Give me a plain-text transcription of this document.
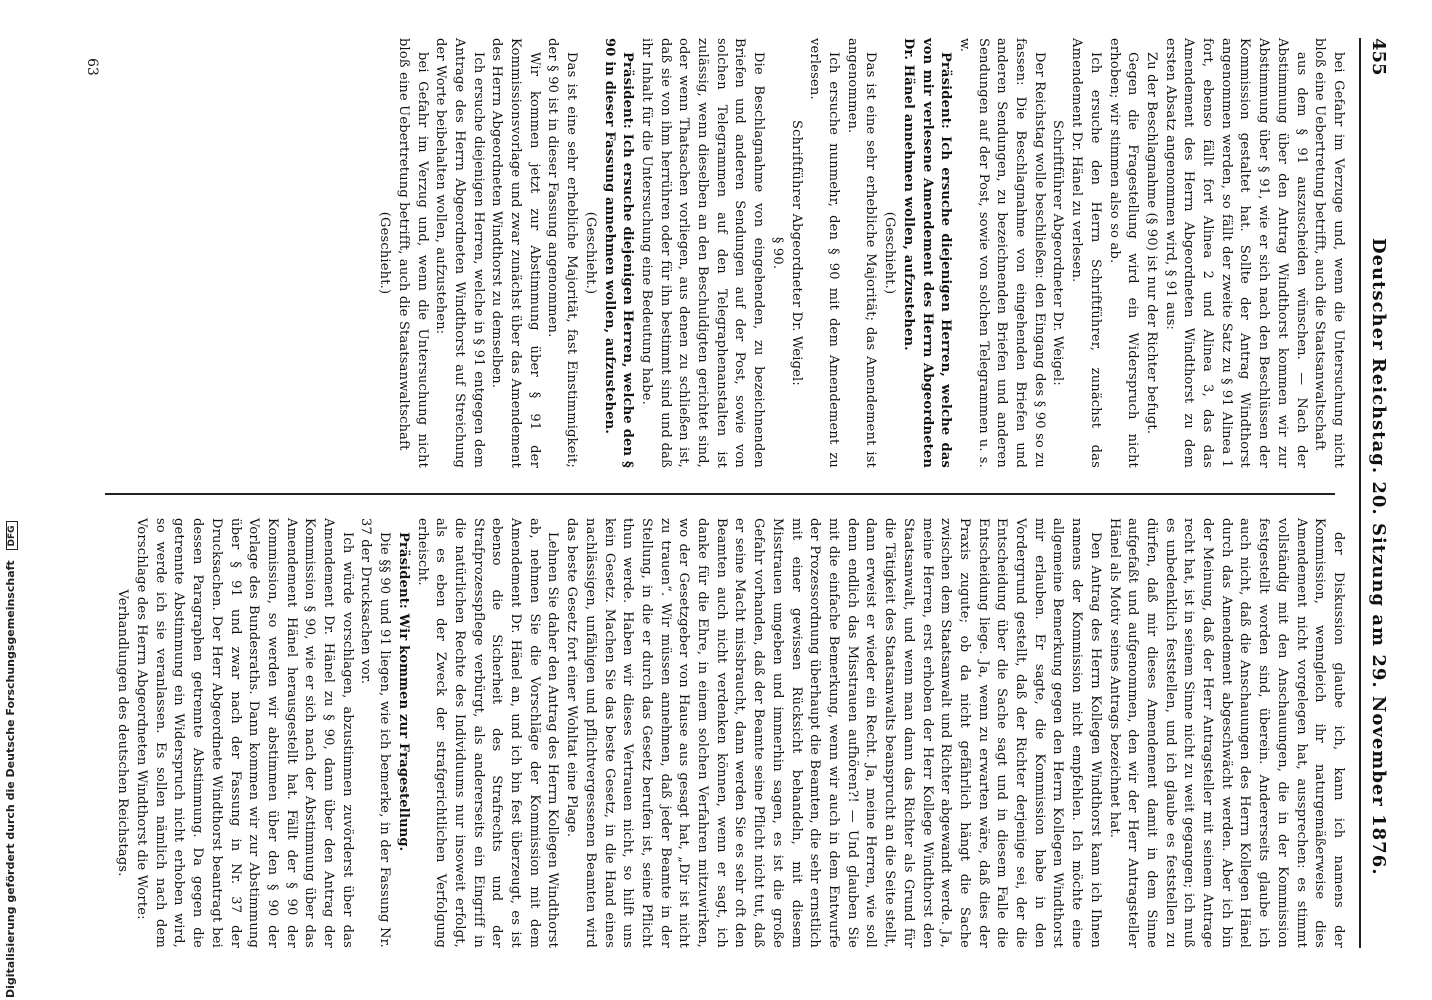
455
Deutscher Reichstag. 20. Sitzung am 29. November 1876.

bei Gefahr im Verzuge und, wenn die Untersuchung nicht bloß eine Uebertretung betrifft, auch die Staatsanwaltschaft

aus dem § 91 auszuscheiden wünschen. — Nach der Abstimmung über den Antrag Windthorst kommen wir zur Abstimmung über § 91, wie er sich nach den Beschlüssen der Kommission gestaltet hat. Sollte der Antrag Windthorst angenommen werden, so fällt der zweite Satz zu § 91 Alinea 1 fort, ebenso fällt fort Alinea 2 und Alinea 3, das das Amendement des Herrn Abgeordneten Windthorst zu dem ersten Absatz angenommen wird, § 91 aus:

Zu der Beschlagnahme (§ 90) ist nur der Richter befugt.

Gegen die Fragestellung wird ein Widerspruch nicht erhoben; wir stimmen also so ab.

Ich ersuche den Herrn Schriftführer, zunächst das Amendement Dr. Hänel zu verlesen.

Schriftführer Abgeordneter Dr. Weigel:

Der Reichstag wolle beschließen: den Eingang des § 90 so zu fassen: Die Beschlagnahme von eingehenden Briefen und anderen Sendungen, zu bezeichnenden Briefen und anderen Sendungen auf der Post, sowie von solchen Telegrammen u. s. w.

Präsident: Ich ersuche diejenigen Herren, welche das von mir verlesene Amendement des Herrn Abgeordneten Dr. Hänel annehmen wollen, aufzustehen.

(Geschieht.)

Das ist eine sehr erhebliche Majorität; das Amendement ist angenommen.

Ich ersuche nunmehr, den § 90 mit dem Amendement zu verlesen.

Schriftführer Abgeordneter Dr. Weigel:

§ 90.

Die Beschlagnahme von eingehenden, zu bezeichnenden Briefen und anderen Sendungen auf der Post, sowie von solchen Telegrammen auf den Telegraphenanstalten ist zulässig, wenn dieselben an den Beschuldigten gerichtet sind, oder wenn Thatsachen vorliegen, aus denen zu schließen ist, daß sie von ihm herrühren oder für ihn bestimmt sind und daß ihr Inhalt für die Untersuchung eine Bedeutung habe.

Präsident: Ich ersuche diejenigen Herren, welche den § 90 in dieser Fassung annehmen wollen, aufzustehen.

(Geschieht.)

Das ist eine sehr erhebliche Majorität, fast Einstimmigkeit; der § 90 ist in dieser Fassung angenommen.

Wir kommen jetzt zur Abstimmung über § 91 der Kommissionsvorlage und zwar zunächst über das Amendement des Herrn Abgeordneten Windthorst zu demselben.

Ich ersuche diejenigen Herren, welche in § 91 entgegen dem Antrage des Herrn Abgeordneten Windthorst auf Streichung der Worte beibehalten wollen, aufzustehen:

bei Gefahr im Verzug und, wenn die Untersuchung nicht bloß eine Uebertretung betrifft, auch die Staatsanwaltschaft

(Geschieht.)

der Diskussion glaube ich, kann ich namens der Kommission, wenngleich ihr naturgemäßerweise dies Amendement nicht vorgelegen hat, aussprechen: es stimmt vollständig mit den Anschauungen, die in der Kommission festgestellt worden sind, überein. Andererseits glaube ich auch nicht, daß die Anschauungen des Herrn Kollegen Hänel durch das Amendement abgeschwächt werden. Aber ich bin der Meinung, daß der Herr Antragsteller mit seinem Antrage recht hat, ist in seinem Sinne nicht zu weit gegangen; ich muß es unbedenklich feststellen, und ich glaube es feststellen zu dürfen, daß mir dieses Amendement damit in dem Sinne aufgefaßt und aufgenommen, den wir der Herr Antragsteller Hänel als Motiv seines Antrags bezeichnet hat.

Den Antrag des Herrn Kollegen Windthorst kann ich Ihnen namens der Kommission nicht empfehlen. Ich möchte eine allgemeine Bemerkung gegen den Herrn Kollegen Windthorst mir erlauben. Er sagte, die Kommission habe in den Vordergrund gestellt, daß der Richter derjenige sei, der die Entscheidung über die Sache sagt und in diesem Falle die Entscheidung liege. Ja, wenn zu erwarten wäre, daß dies der Praxis zugute; ob da nicht gefährlich hängt die Sache zwischen dem Staatsanwalt und Richter abgewandt werde. Ja, meine Herren, erst erhoben der Herr Kollege Windthorst den Staatsanwalt, und wenn man dann das Richter als Grund für die Tätigkeit des Staatsanwalts beansprucht an die Seite stellt, dann erweist er wieder ein Recht. Ja, meine Herren, wie soll denn endlich das Misstrauen aufhören?! — Und glauben Sie mit die einfache Bemerkung, wenn wir auch in dem Entwurfe der Prozessordnung überhaupt die Beamten, die sehr ernstlich mit einer gewissen Rücksicht behandeln, mit diesem Misstrauen umgeben und immerhin sagen, es ist die große Gefahr vorhanden, daß der Beamte seine Pflicht nicht tut, daß er seine Macht missbraucht, dann werden Sie es sehr oft den Beamten auch nicht verdenken können, wenn er sagt, ich danke für die Ehre, in einem solchen Verfahren mitzuwirken, wo der Gesetzgeber von Hause aus gesagt hat, „Dir ist nicht zu trauen“. Wir müssen annehmen, daß jeder Beamte in der Stellung, in die er durch das Gesetz berufen ist, seine Pflicht thun werde. Haben wir dieses Vertrauen nicht, so hilft uns kein Gesetz. Machen Sie das beste Gesetz, in die Hand eines nachlässigen, unfähigen und pflichtvergessenen Beamten wird das beste Gesetz fort einer Wohltat eine Plage.

Lehnen Sie daher den Antrag des Herrn Kollegen Windthorst ab, nehmen Sie die Vorschläge der Kommission mit dem Amendement Dr. Hänel an, und ich bin fest überzeugt, es ist ebenso die Sicherheit des Strafrechts und der Strafprozesspflege verbürgt, als andererseits ein Eingriff in die natürlichen Rechte des Individuums nur insoweit erfolgt, als es eben der Zweck der strafgerichtlichen Verfolgung erheischt.

Präsident: Wir kommen zur Fragestellung.

Die §§ 90 und 91 liegen, wie ich bemerke, in der Fassung Nr. 37 der Drucksachen vor.

Ich würde vorschlagen, abzustimmen zuvörderst über das Amendement Dr. Hänel zu § 90, dann über den Antrag der Kommission § 90, wie er sich nach der Abstimmung über das Amendement Hänel herausgestellt hat. Fällt der § 90 der Kommission, so werden wir abstimmen über den § 90 der Vorlage des Bundesraths. Dann kommen wir zur Abstimmung über § 91 und zwar nach der Fassung in Nr. 37 der Drucksachen. Der Herr Abgeordnete Windthorst beantragt bei dessen Paragraphen getrennte Abstimmung. Da gegen die getrennte Abstimmung ein Widerspruch nicht erhoben wird, so werde ich sie veranlassen. Es sollen nämlich nach dem Vorschlage des Herrn Abgeordneten Windthorst die Worte:

Verhandlungen des deutschen Reichstags.

63
Digitalisierung gefördert durch die Deutsche Forschungsgemeinschaft DFG
